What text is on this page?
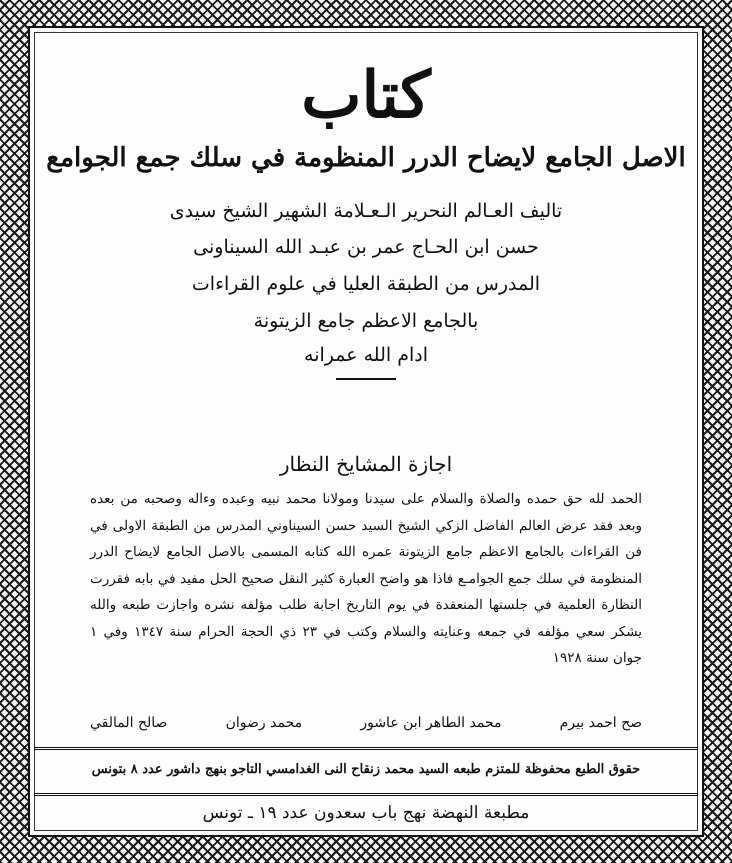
كتاب
الاصل الجامع لايضاح الدرر المنظومة في سلك جمع الجوامع
تاليف العـالم النحرير الـعـلامة الشهير الشيخ سيدى
حسن ابن الحـاج عمر بن عبـد الله السيناونى
المدرس من الطبقة العليا في علوم القراءات
بالجامع الاعظم جامع الزيتونة
ادام الله عمرانه
اجازة المشايخ النظار
الحمد لله حق حمده والصلاة والسلام على سيدنا ومولانا محمد نبيه وعبده وءاله وصحبه من بعده وبعد فقد عرض العالم الفاضل الزكي الشيخ السيد حسن السيناوني المدرس من الطبقة الاولى في فن القراءات بالجامع الاعظم جامع الزيتونة عمره الله كتابه المسمى بالاصل الجامع لايضاح الدرر المنظومة في سلك جمع الجوامـع فاذا هو واضح العبارة كثير النقل صحيح الحل مفيد في بابه فقررت النظارة العلمية في جلستها المنعقدة في يوم التاريخ اجابة طلب مؤلفه نشره واجازت طبعه والله يشكر سعي مؤلفه في جمعه وعنايته والسلام وكتب في ٢٣ ذي الحجة الحرام سنة ١٣٤٧ وفي ١ جوان سنة ١٩٢٨
صح احمد بيرم
محمد الطاهر ابن عاشور
محمد رضوان
صالح المالقي
حقوق الطبع محفوظة للمتزم طبعه السيد محمد زنقاح النى الغدامسي التاجو بنهج داشور عدد ٨ بتونس
مطبعة النهضة نهج باب سعدون عدد ١٩ ـ تونس
